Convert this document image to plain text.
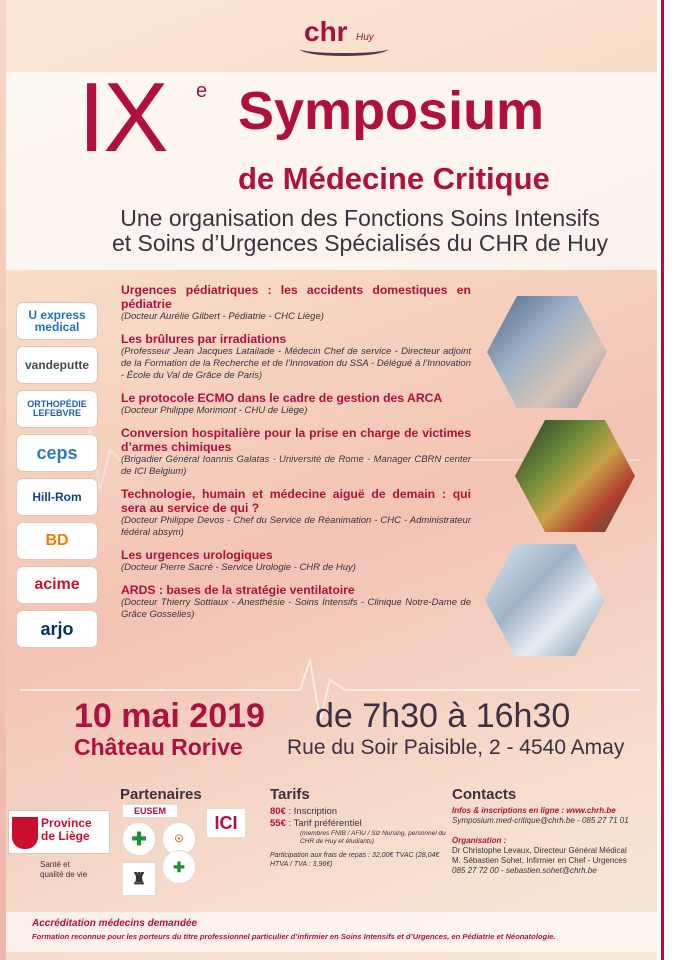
chr Huy
IX e Symposium
de Médecine Critique
Une organisation des Fonctions Soins Intensifs
et Soins d’Urgences Spécialisés du CHR de Huy
U express medical
vandeputte
ORTHOPÉDIE LEFEBVRE
ceps
Hill-Rom
BD
acime
arjo
Urgences pédiatriques : les accidents domestiques en pédiatrie
(Docteur Aurélie Gilbert - Pédiatrie - CHC Liège)
Les brûlures par irradiations
(Professeur Jean Jacques Latailade - Médecin Chef de service - Directeur adjoint de la Formation de la Recherche et de l’Innovation du SSA - Délégué à l’Innovation - École du Val de Grâce de Paris)
Le protocole ECMO dans le cadre de gestion des ARCA
(Docteur Philippe Morimont - CHU de Liège)
Conversion hospitalière pour la prise en charge de victimes d’armes chimiques
(Brigadier Général Ioannis Galatas - Université de Rome - Manager CBRN center de ICI Belgium)
Technologie, humain et médecine aiguë de demain : qui sera au service de qui ?
(Docteur Philippe Devos - Chef du Service de Réanimation - CHC - Administrateur fédéral absym)
Les urgences urologiques
(Docteur Pierre Sacré - Service Urologie - CHR de Huy)
ARDS : bases de la stratégie ventilatoire
(Docteur Thierry Sottiaux - Anesthésie - Soins Intensifs - Clinique Notre-Dame de Grâce Gosselies)
10 mai 2019 de 7h30 à 16h30
Château Rorive Rue du Soir Paisible, 2 - 4540 Amay
Partenaires
Province
de Liège
Santé et
qualité de vie
EUSEM
✚	☉
ICI
♜
✚
Tarifs
80€ : Inscription
55€ : Tarif préférentiel
(membres FNIB / AFIU / Siz Nursing, personnel du CHR de Huy et étudiants)
Participation aux frais de repas : 32,00€ TVAC (28,04€ HTVA / TVA : 3,96€)
Contacts
Infos & inscriptions en ligne : www.chrh.be
Symposium.med-critique@chrh.be - 085 27 71 01
Organisation :
Dr Christophe Levaux, Directeur Général Médical
M. Sébastien Sohet, Infirmier en Chef - Urgences
085 27 72 00 - sebastien.sohet@chrh.be
Accréditation médecins demandée
Formation reconnue pour les porteurs du titre professionnel particulier d’infirmier en Soins Intensifs et d’Urgences, en Pédiatrie et Néonatologie.
